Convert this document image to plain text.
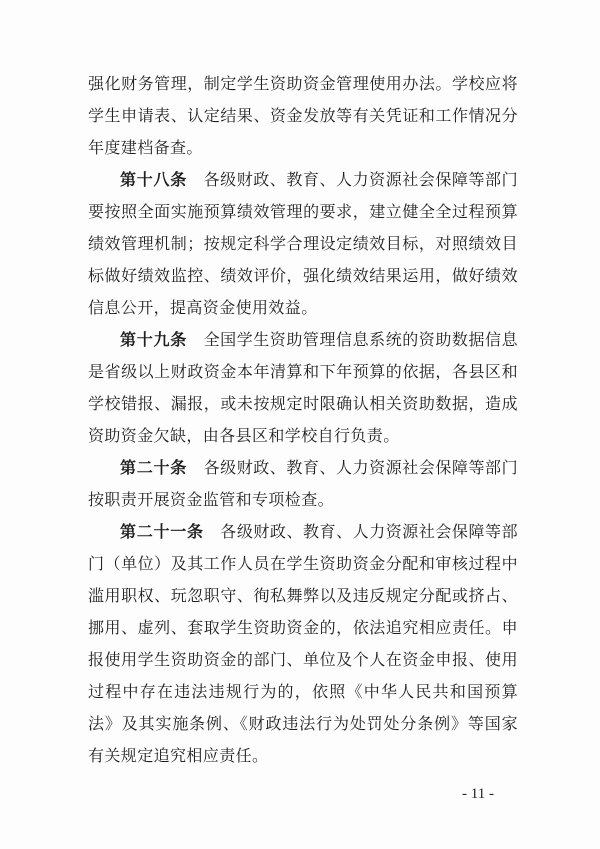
强化财务管理，制定学生资助资金管理使用办法。学校应将学生申请表、认定结果、资金发放等有关凭证和工作情况分年度建档备查。

第十八条　各级财政、教育、人力资源社会保障等部门要按照全面实施预算绩效管理的要求，建立健全全过程预算绩效管理机制；按规定科学合理设定绩效目标，对照绩效目标做好绩效监控、绩效评价，强化绩效结果运用，做好绩效信息公开，提高资金使用效益。

第十九条　全国学生资助管理信息系统的资助数据信息是省级以上财政资金本年清算和下年预算的依据，各县区和学校错报、漏报，或未按规定时限确认相关资助数据，造成资助资金欠缺，由各县区和学校自行负责。

第二十条　各级财政、教育、人力资源社会保障等部门按职责开展资金监管和专项检查。

第二十一条　各级财政、教育、人力资源社会保障等部门（单位）及其工作人员在学生资助资金分配和审核过程中滥用职权、玩忽职守、徇私舞弊以及违反规定分配或挤占、挪用、虚列、套取学生资助资金的，依法追究相应责任。申报使用学生资助资金的部门、单位及个人在资金申报、使用过程中存在违法违规行为的，依照《中华人民共和国预算法》及其实施条例、《财政违法行为处罚处分条例》等国家有关规定追究相应责任。

- 11 -
